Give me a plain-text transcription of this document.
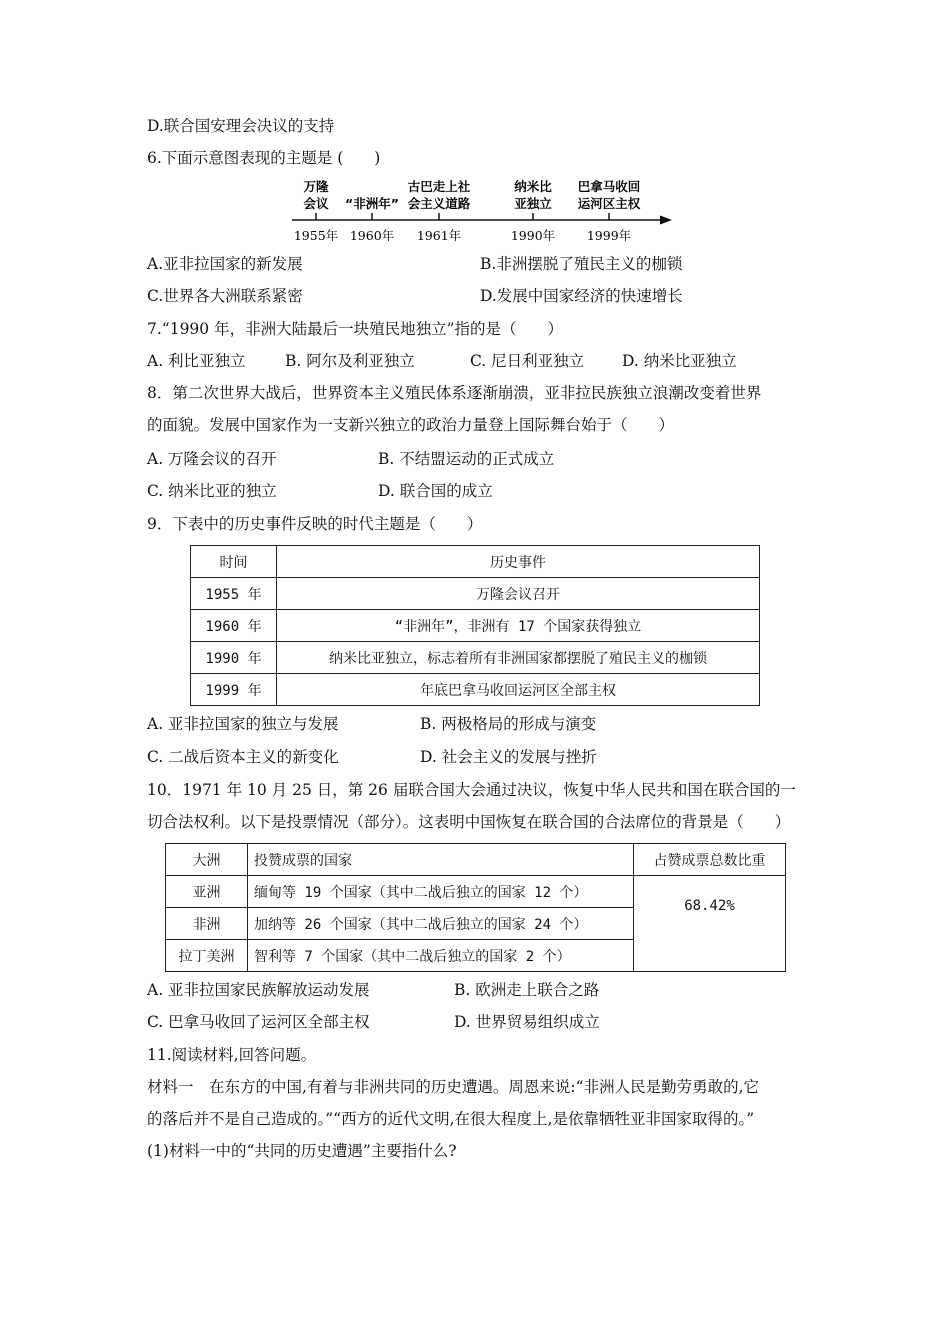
D.联合国安理会决议的支持
6.下面示意图表现的主题是 (　　)
万隆
会议
1955年
“非洲年”
1960年
古巴走上社
会主义道路
1961年
纳米比
亚独立
1990年
巴拿马收回
运河区主权
1999年
A.亚非拉国家的新发展	B.非洲摆脱了殖民主义的枷锁
C.世界各大洲联系紧密	D.发展中国家经济的快速增长
7.“1990 年，非洲大陆最后一块殖民地独立”指的是（　　）
A. 利比亚独立	B. 阿尔及利亚独立	C. 尼日利亚独立 D. 纳米比亚独立
8．第二次世界大战后，世界资本主义殖民体系逐渐崩溃，亚非拉民族独立浪潮改变着世界
的面貌。发展中国家作为一支新兴独立的政治力量登上国际舞台始于（　　）
A. 万隆会议的召开	B. 不结盟运动的正式成立
C. 纳米比亚的独立	D. 联合国的成立
9．下表中的历史事件反映的时代主题是（　　）
时间	历史事件
1955 年	万隆会议召开
1960 年	“非洲年”，非洲有 17 个国家获得独立
1990 年	纳米比亚独立，标志着所有非洲国家都摆脱了殖民主义的枷锁
1999 年	年底巴拿马收回运河区全部主权
A. 亚非拉国家的独立与发展	B. 两极格局的形成与演变
C. 二战后资本主义的新变化	D. 社会主义的发展与挫折
10．1971 年 10 月 25 日，第 26 届联合国大会通过决议，恢复中华人民共和国在联合国的一
切合法权利。以下是投票情况（部分）。这表明中国恢复在联合国的合法席位的背景是（　　）
大洲	投赞成票的国家	占赞成票总数比重
亚洲	缅甸等 19 个国家（其中二战后独立的国家 12 个）	68.42%
非洲	加纳等 26 个国家（其中二战后独立的国家 24 个）	
拉丁美洲	智利等 7 个国家（其中二战后独立的国家 2 个）	
A. 亚非拉国家民族解放运动发展	B. 欧洲走上联合之路
C. 巴拿马收回了运河区全部主权	D. 世界贸易组织成立
11.阅读材料,回答问题。
材料一　在东方的中国,有着与非洲共同的历史遭遇。周恩来说:“非洲人民是勤劳勇敢的,它
的落后并不是自己造成的。”“西方的近代文明,在很大程度上,是依靠牺牲亚非国家取得的。”
(1)材料一中的“共同的历史遭遇”主要指什么?
